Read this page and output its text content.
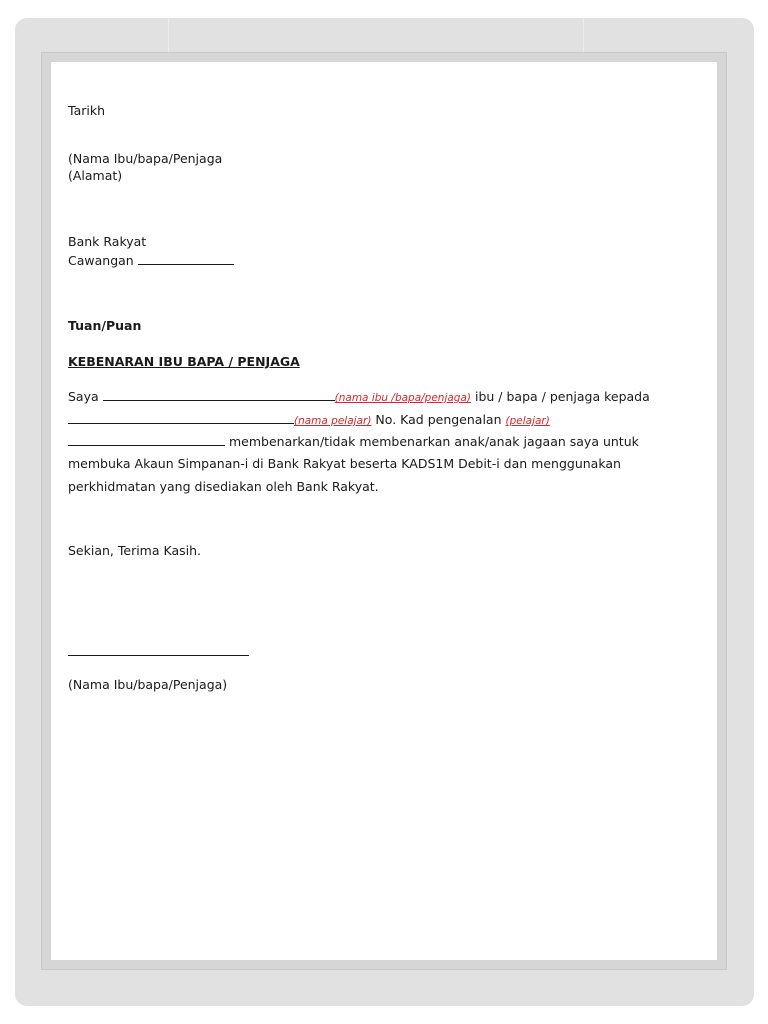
Tarikh
(Nama Ibu/bapa/Penjaga
(Alamat)
Bank Rakyat
Cawangan
Tuan/Puan
KEBENARAN IBU BAPA / PENJAGA
Saya	(nama ibu /bapa/penjaga) ibu / bapa / penjaga kepada
(nama pelajar) No. Kad pengenalan (pelajar)
membenarkan/tidak membenarkan anak/anak jagaan saya untuk
membuka Akaun Simpanan-i di Bank Rakyat beserta KADS1M Debit-i dan menggunakan
perkhidmatan yang disediakan oleh Bank Rakyat.
Sekian, Terima Kasih.
(Nama Ibu/bapa/Penjaga)
